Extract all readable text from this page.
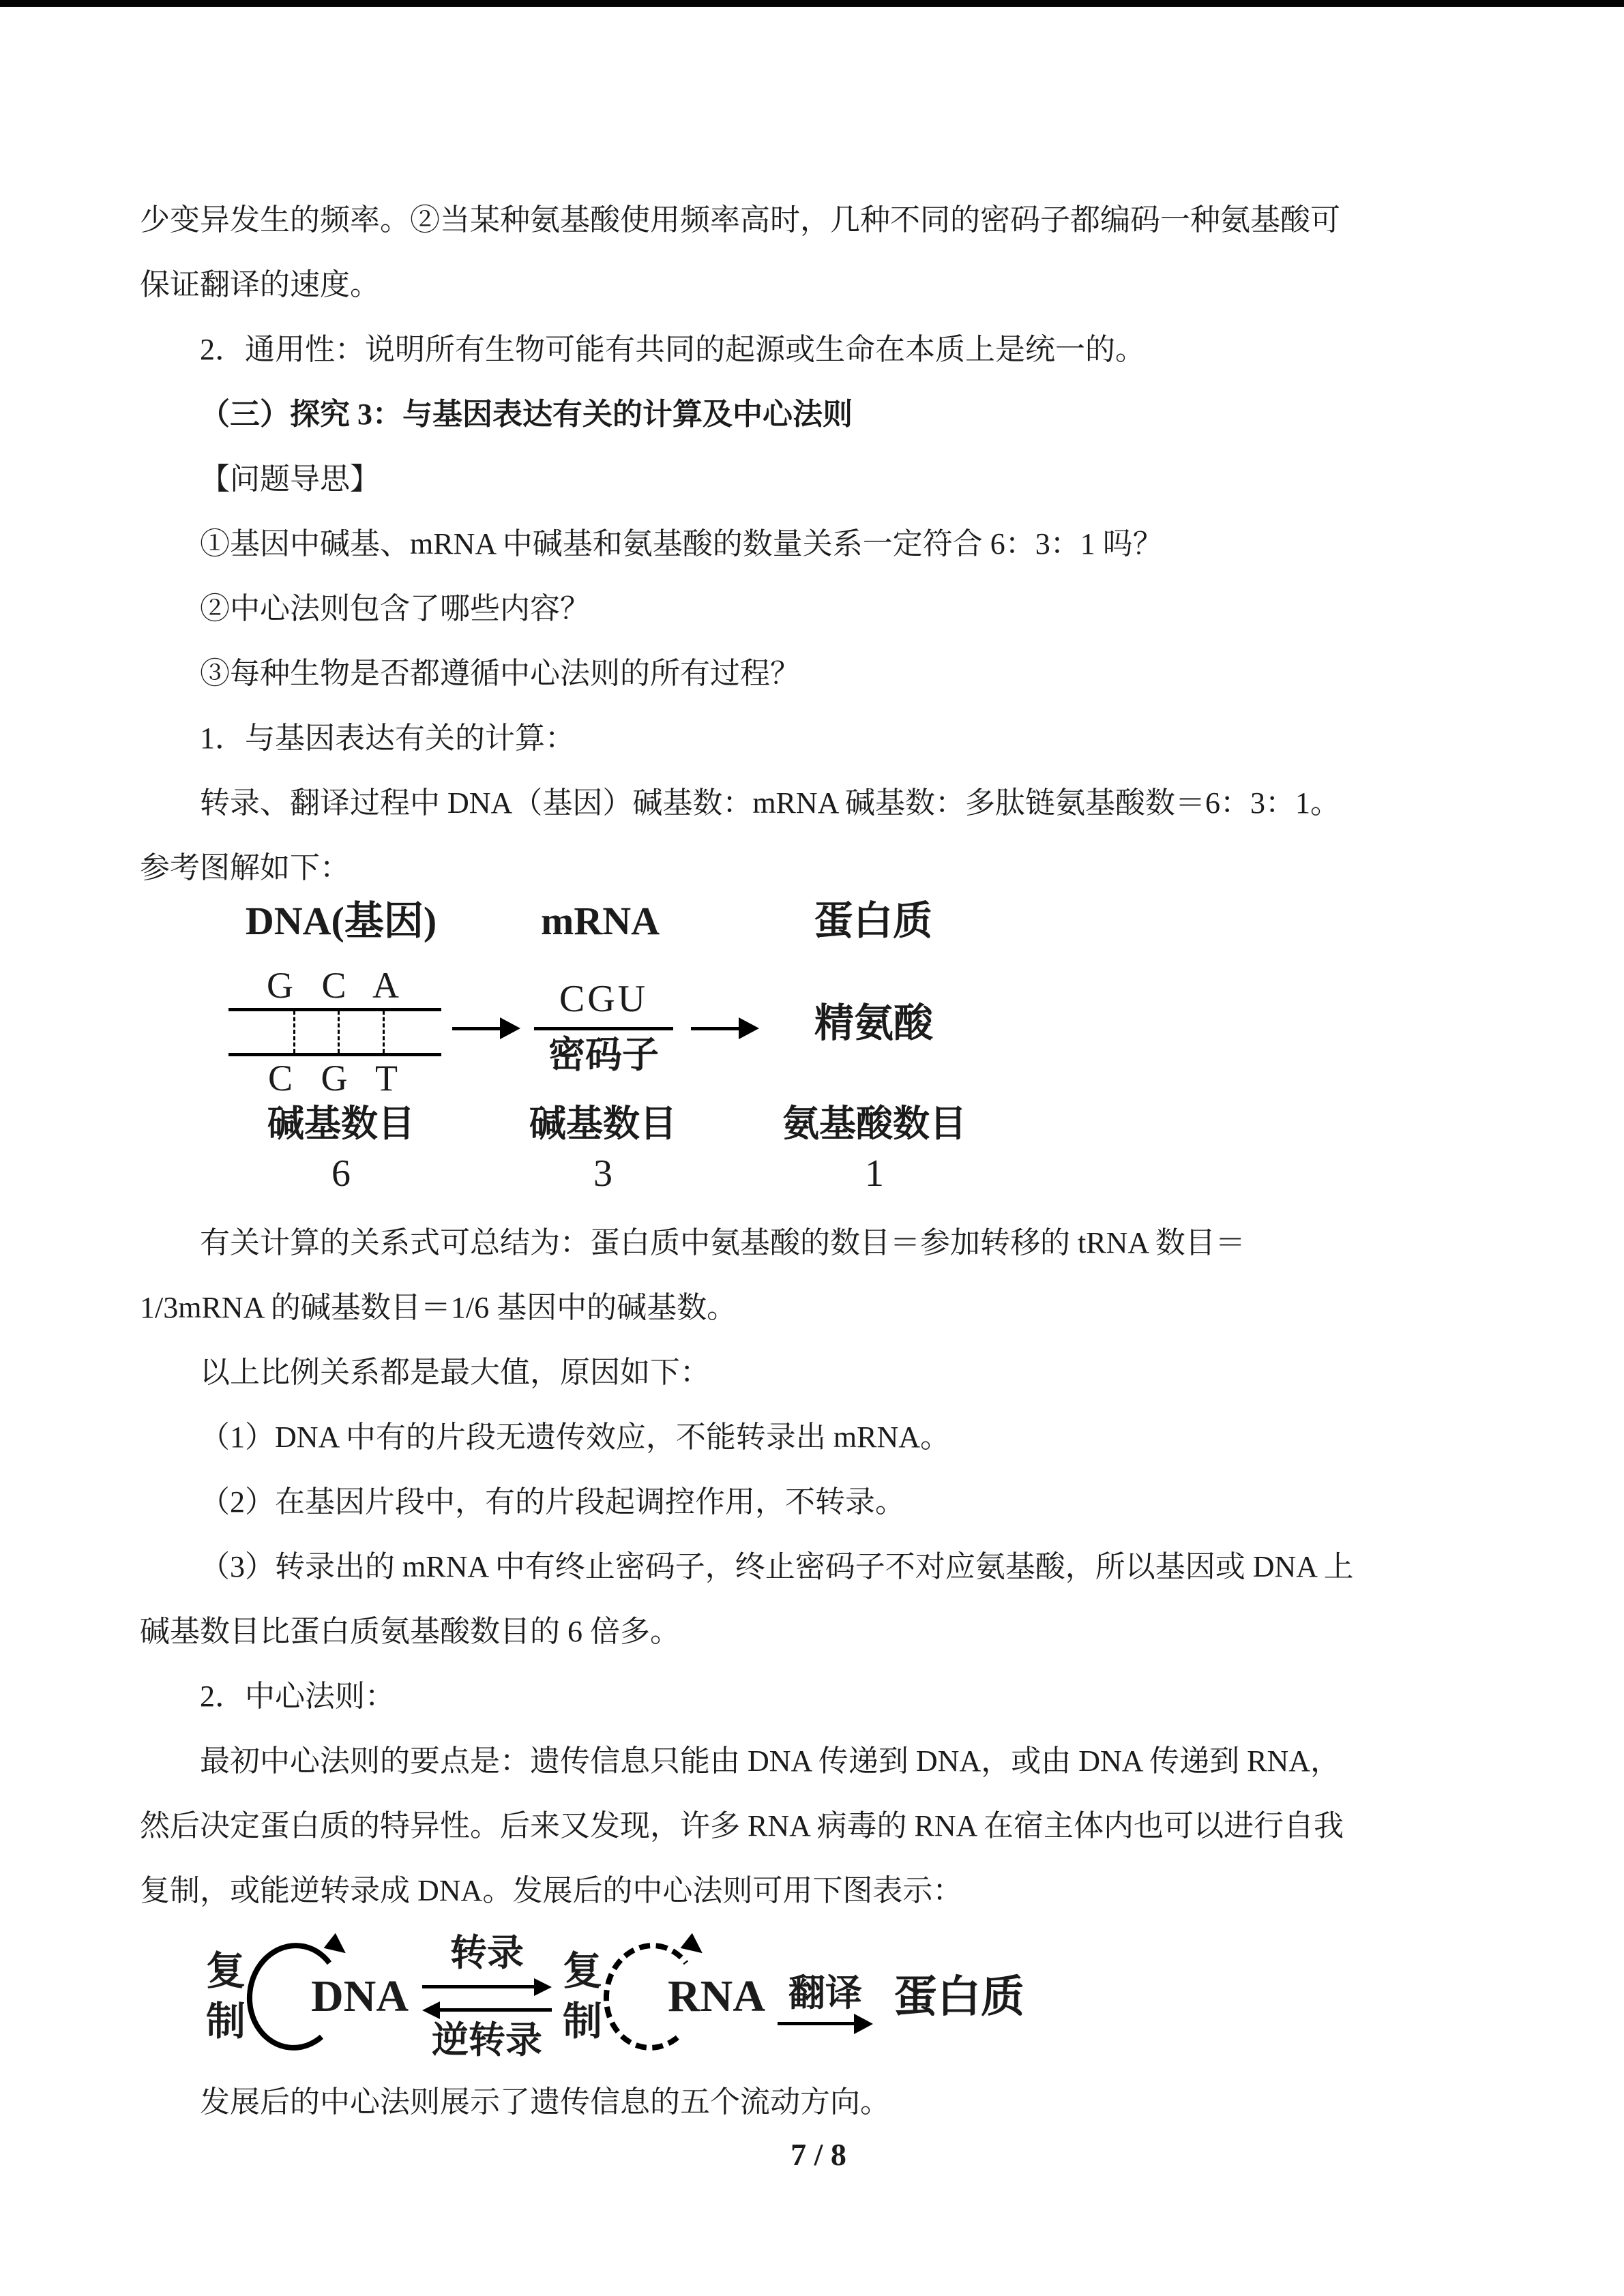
少变异发生的频率。②当某种氨基酸使用频率高时，几种不同的密码子都编码一种氨基酸可

保证翻译的速度。

2．通用性：说明所有生物可能有共同的起源或生命在本质上是统一的。

（三）探究 3：与基因表达有关的计算及中心法则

【问题导思】

①基因中碱基、mRNA 中碱基和氨基酸的数量关系一定符合 6：3：1 吗？

②中心法则包含了哪些内容？

③每种生物是否都遵循中心法则的所有过程？

1．与基因表达有关的计算：

转录、翻译过程中 DNA（基因）碱基数：mRNA 碱基数：多肽链氨基酸数＝6：3：1。

参考图解如下：

DNA(基因)	mRNA	蛋白质
G C A
C G T
CGU
密码子
精氨酸
碱基数目	碱基数目	氨基酸数目
6	3	1

有关计算的关系式可总结为：蛋白质中氨基酸的数目＝参加转移的 tRNA 数目＝

1/3mRNA 的碱基数目＝1/6 基因中的碱基数。

以上比例关系都是最大值，原因如下：

（1）DNA 中有的片段无遗传效应，不能转录出 mRNA。

（2）在基因片段中，有的片段起调控作用，不转录。

（3）转录出的 mRNA 中有终止密码子，终止密码子不对应氨基酸，所以基因或 DNA 上

碱基数目比蛋白质氨基酸数目的 6 倍多。

2．中心法则：

最初中心法则的要点是：遗传信息只能由 DNA 传递到 DNA，或由 DNA 传递到 RNA，

然后决定蛋白质的特异性。后来又发现，许多 RNA 病毒的 RNA 在宿主体内也可以进行自我

复制，或能逆转录成 DNA。发展后的中心法则可用下图表示：

复制
DNA
转录
逆转录
复制
RNA 翻译 蛋白质

发展后的中心法则展示了遗传信息的五个流动方向。

7 / 8
